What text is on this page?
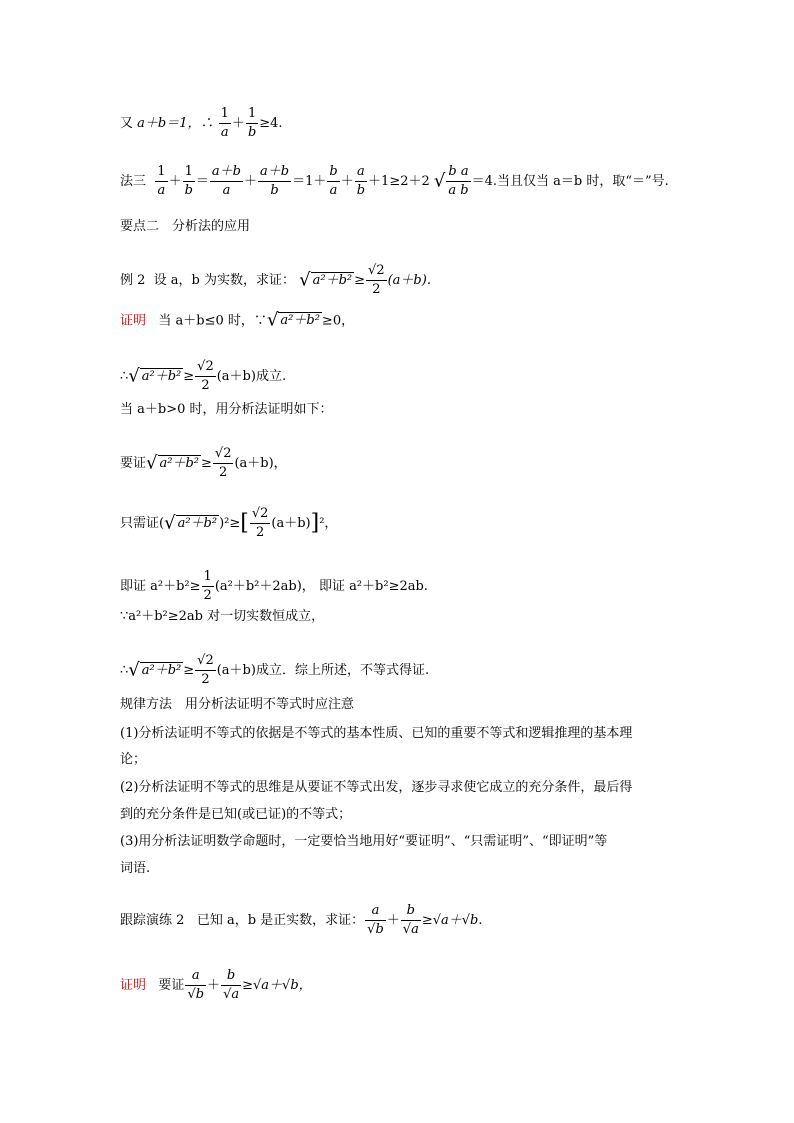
又 a＋b＝1，∴ $\frac{1}{a} + \frac{1}{b} \ge 4$.
法三 $\frac{1}{a} + \frac{1}{b} = \frac{a+b}{a} + \frac{a+b}{b} =1+ \frac{b}{a} + \frac{a}{b} +1\ge 2+2$ √ $\frac{\text{b a}}{\text{a b}} =4$.当且仅当 a＝b 时，取“＝”号.
要点二　分析法的应用
例 2 设 a，b 为实数，求证： √ $a^2+b^2 \ge \frac{√2}{2} (a+b)$.
证明 当 a＋b≤0 时，∵√ a²＋b² ≥0，
∴√ $a^2+b^2 \ge \frac{√2}{2} (a+b)$成立.
当 a＋b>0 时，用分析法证明如下：
要证√ $a^2+b^2 \ge \frac{√2}{2} (a+b)$，
只需证(√ a²＋b² )$^2\ge[ \frac{√2}{2} (a+b)]^2$，
即证 $a^2+b^2\ge \frac{1}{2} (a^2+b^2+2ab)$， 即证 a²＋b²≥2ab.
∵a²＋b²≥2ab 对一切实数恒成立，
∴√ $a^2+b^2 \ge \frac{√2}{2} (a+b)$成立．综上所述，不等式得证.
规律方法　用分析法证明不等式时应注意
(1)分析法证明不等式的依据是不等式的基本性质、已知的重要不等式和逻辑推理的基本理
论；
(2)分析法证明不等式的思维是从要证不等式出发，逐步寻求使它成立的充分条件，最后得
到的充分条件是已知(或已证)的不等式；
(3)用分析法证明数学命题时，一定要恰当地用好“要证明”、“只需证明”、“即证明”等
词语.
跟踪演练 2 已知 a，b 是正实数，求证： $\frac{a}{√b} + \frac{b}{√a} \ge√a+√b$.
证明 要证 $\frac{a}{√b} + \frac{b}{√a} \ge√a+√b$，
